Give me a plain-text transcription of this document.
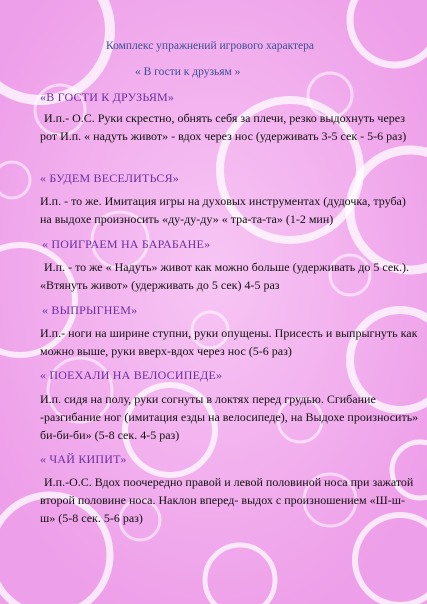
Комплекс упражнений игрового характера

« В гости к друзьям »

«В ГОСТИ К ДРУЗЬЯМ»

И.п.- О.С. Руки скрестно, обнять себя за плечи, резко выдохнуть через рот И.п. « надуть живот» - вдох через нос (удерживать 3-5 сек - 5-6 раз)

« БУДЕМ ВЕСЕЛИТЬСЯ»

И.п. - то же. Имитация игры на духовых инструментах (дудочка, труба) на выдохе произносить «ду-ду-ду» « тра-та-та» (1-2 мин)

« ПОИГРАЕМ НА БАРАБАНЕ»

И.п. - то же « Надуть» живот как можно больше (удерживать до 5 сек.). «Втянуть живот» (удерживать до 5 сек) 4-5 раз

« ВЫПРЫГНЕМ»

И.п.- ноги на ширине ступни, руки опущены. Присесть и выпрыгнуть как можно выше, руки вверх-вдох через нос (5-6 раз)

« ПОЕХАЛИ НА ВЕЛОСИПЕДЕ»

И.п. сидя на полу, руки согнуты в локтях перед грудью. Сгибание -разгибание ног (имитация езды на велосипеде), на Выдохе произносить» би-би-би» (5-8 сек. 4-5 раз)

« ЧАЙ КИПИТ»

И.п.-О.С. Вдох поочередно правой и левой половиной носа при зажатой второй половине носа. Наклон вперед- выдох с произношением «Ш-ш-ш» (5-8 сек. 5-6 раз)
